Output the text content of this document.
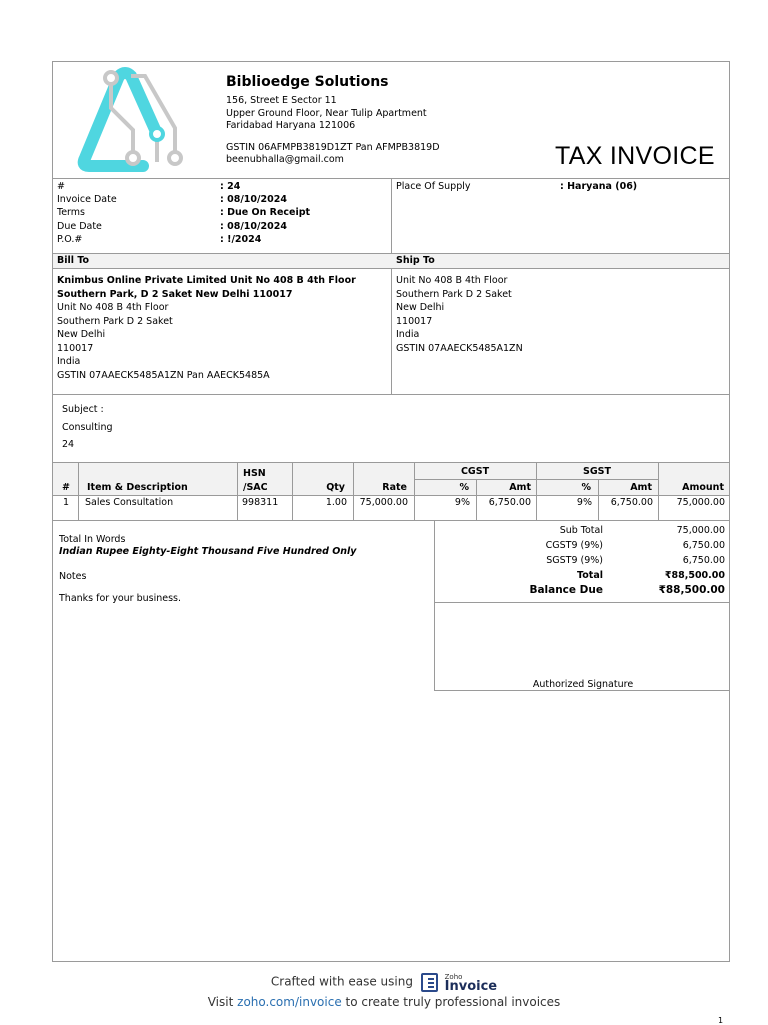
Biblioedge Solutions
156, Street E Sector 11
Upper Ground Floor, Near Tulip Apartment
Faridabad Haryana 121006
GSTIN 06AFMPB3819D1ZT Pan AFMPB3819D
beenubhalla@gmail.com	TAX INVOICE
#	: 24
Invoice Date	: 08/10/2024
Terms	: Due On Receipt
Due Date	: 08/10/2024
P.O.#	: !/2024
Place Of Supply	: Haryana (06)
Bill To	Ship To
Knimbus Online Private Limited Unit No 408 B 4th Floor
Southern Park, D 2 Saket New Delhi 110017
Unit No 408 B 4th Floor
Southern Park D 2 Saket
New Delhi
110017
India
GSTIN 07AAECK5485A1ZN Pan AAECK5485A
Unit No 408 B 4th Floor
Southern Park D 2 Saket
New Delhi
110017
India
GSTIN 07AAECK5485A1ZN
Subject :
Consulting
24
# Item & Description
HSN
/SAC	Qty	Rate
CGST	SGST
%	Amt	%	Amt	Amount
1 Sales Consultation	998311	1.00	75,000.00	9%	6,750.00	9%	6,750.00	75,000.00
Total In Words
Indian Rupee Eighty-Eight Thousand Five Hundred Only
Notes
Thanks for your business.
Sub Total	75,000.00
CGST9 (9%)	6,750.00
SGST9 (9%)	6,750.00
Total	₹88,500.00
Balance Due	₹88,500.00
Authorized Signature
Crafted with ease using	Zoho
Invoice
Visit zoho.com/invoice to create truly professional invoices
1
